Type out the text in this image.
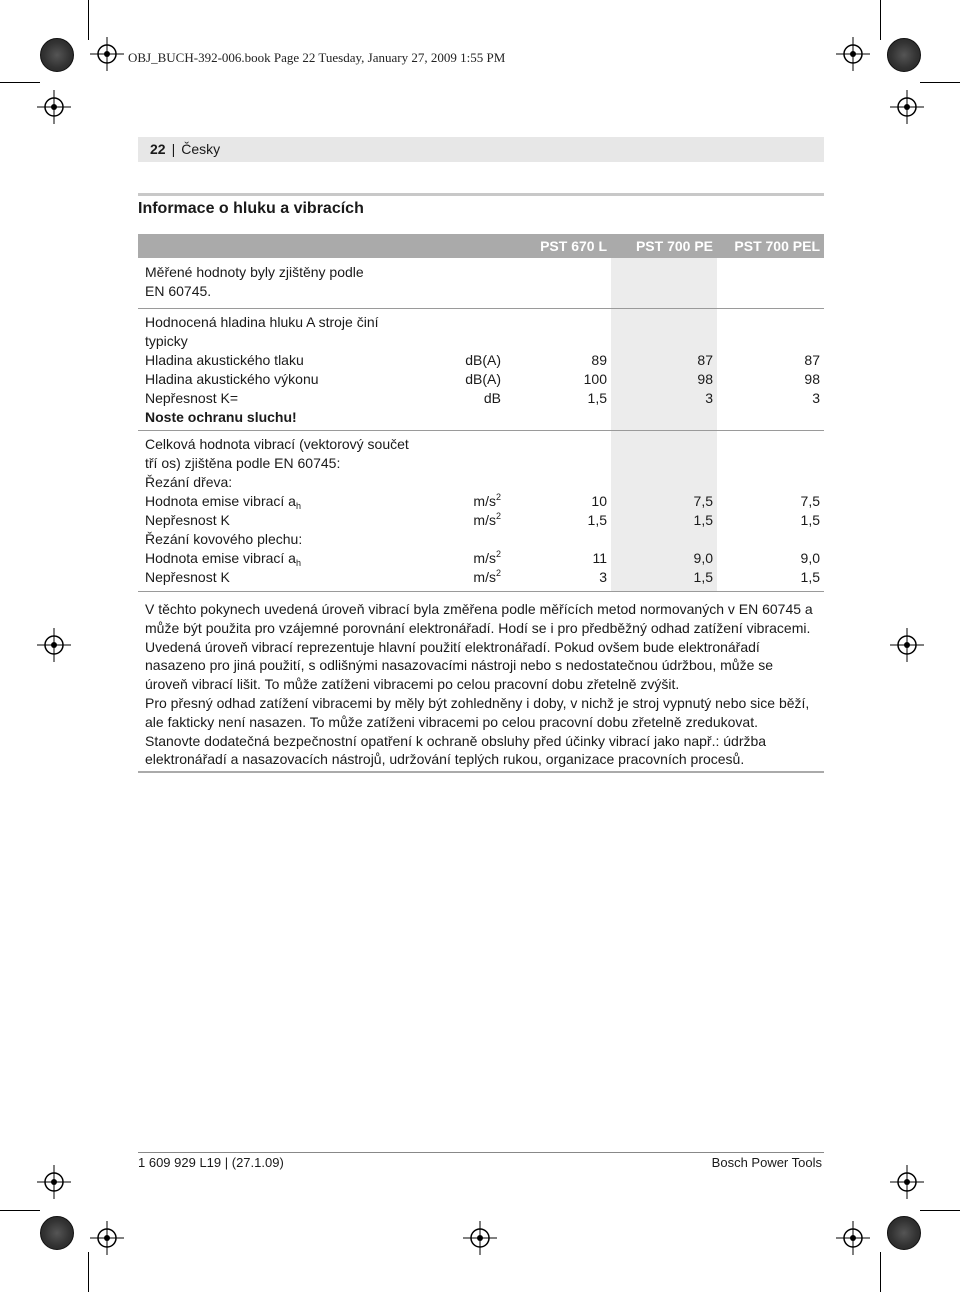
OBJ_BUCH-392-006.book Page 22 Tuesday, January 27, 2009 1:55 PM
22 | Česky
Informace o hluku a vibracích
PST 670 L	PST 700 PE	PST 700 PEL
Měřené hodnoty byly zjištěny podle
EN 60745.
Hodnocená hladina hluku A stroje činí
typicky
Hladina akustického tlaku	dB(A)	89	87	87
Hladina akustického výkonu	dB(A)	100	98	98
Nepřesnost K=	dB	1,5	3	3
Noste ochranu sluchu!
Celková hodnota vibrací (vektorový součet
tří os) zjištěna podle EN 60745:
Řezání dřeva:
Hodnota emise vibrací $a_h$	$m/s^2$	10	7,5	7,5
Nepřesnost K	$m/s^2$	1,5	1,5	1,5
Řezání kovového plechu:
Hodnota emise vibrací $a_h$	$m/s^2$	11	9,0	9,0
Nepřesnost K	$m/s^2$	3	1,5	1,5

V těchto pokynech uvedená úroveň vibrací byla změřena podle měřících metod normovaných v EN 60745 a může být použita pro vzájemné porovnání elektronářadí. Hodí se i pro předběžný odhad zatížení vibracemi.

Uvedená úroveň vibrací reprezentuje hlavní použití elektronářadí. Pokud ovšem bude elektronářadí nasazeno pro jiná použití, s odlišnými nasazovacími nástroji nebo s nedostatečnou údržbou, může se úroveň vibrací lišit. To může zatíženi vibracemi po celou pracovní dobu zřetelně zvýšit.

Pro přesný odhad zatížení vibracemi by měly být zohledněny i doby, v nichž je stroj vypnutý nebo sice běží, ale fakticky není nasazen. To může zatíženi vibracemi po celou pracovní dobu zřetelně zredukovat.

Stanovte dodatečná bezpečnostní opatření k ochraně obsluhy před účinky vibrací jako např.: údržba elektronářadí a nasazovacích nástrojů, udržování teplých rukou, organizace pracovních procesů.

1 609 929 L19 | (27.1.09)	Bosch Power Tools
